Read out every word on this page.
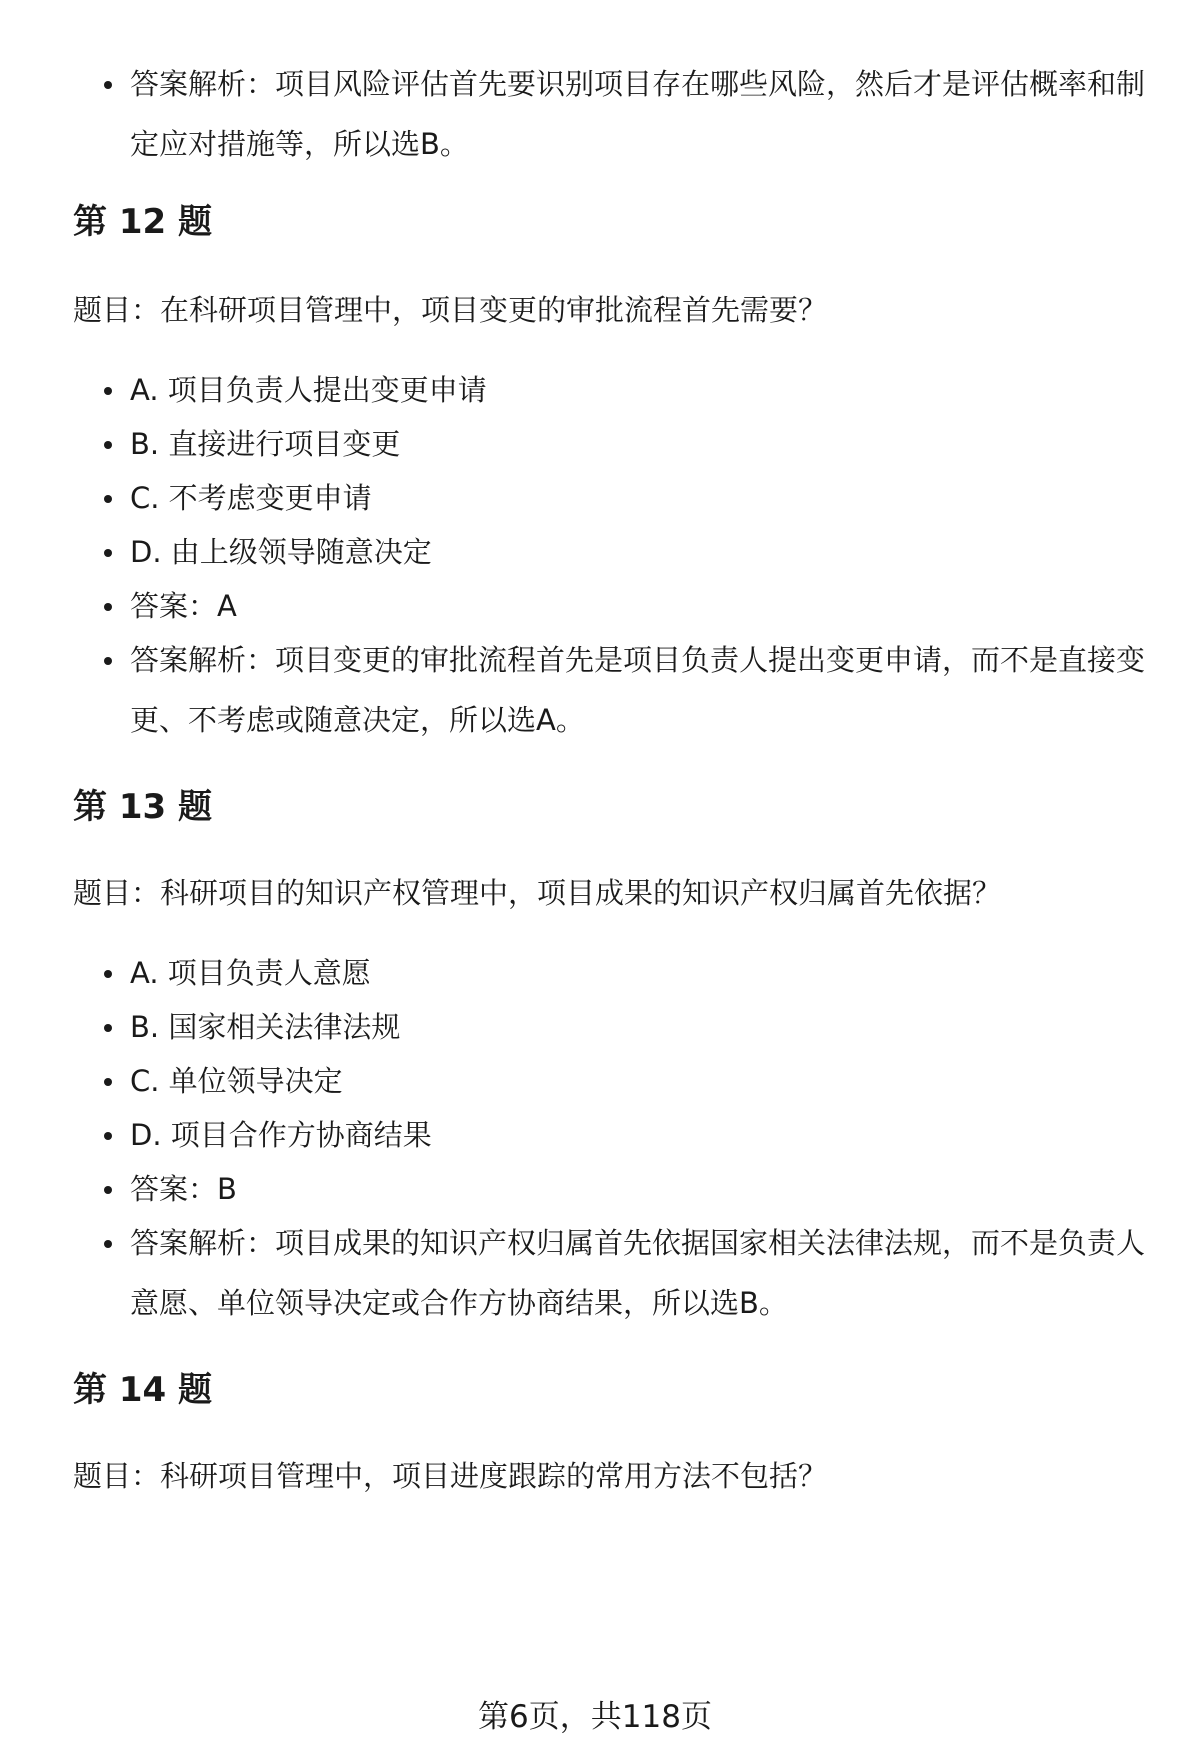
答案解析：项目风险评估首先要识别项目存在哪些风险，然后才是评估概率和制定应对措施等，所以选B。
第 12 题
题目：在科研项目管理中，项目变更的审批流程首先需要？
A. 项目负责人提出变更申请
B. 直接进行项目变更
C. 不考虑变更申请
D. 由上级领导随意决定
答案：A
答案解析：项目变更的审批流程首先是项目负责人提出变更申请，而不是直接变更、不考虑或随意决定，所以选A。
第 13 题
题目：科研项目的知识产权管理中，项目成果的知识产权归属首先依据？
A. 项目负责人意愿
B. 国家相关法律法规
C. 单位领导决定
D. 项目合作方协商结果
答案：B
答案解析：项目成果的知识产权归属首先依据国家相关法律法规，而不是负责人意愿、单位领导决定或合作方协商结果，所以选B。
第 14 题
题目：科研项目管理中，项目进度跟踪的常用方法不包括？
第6页，共118页
